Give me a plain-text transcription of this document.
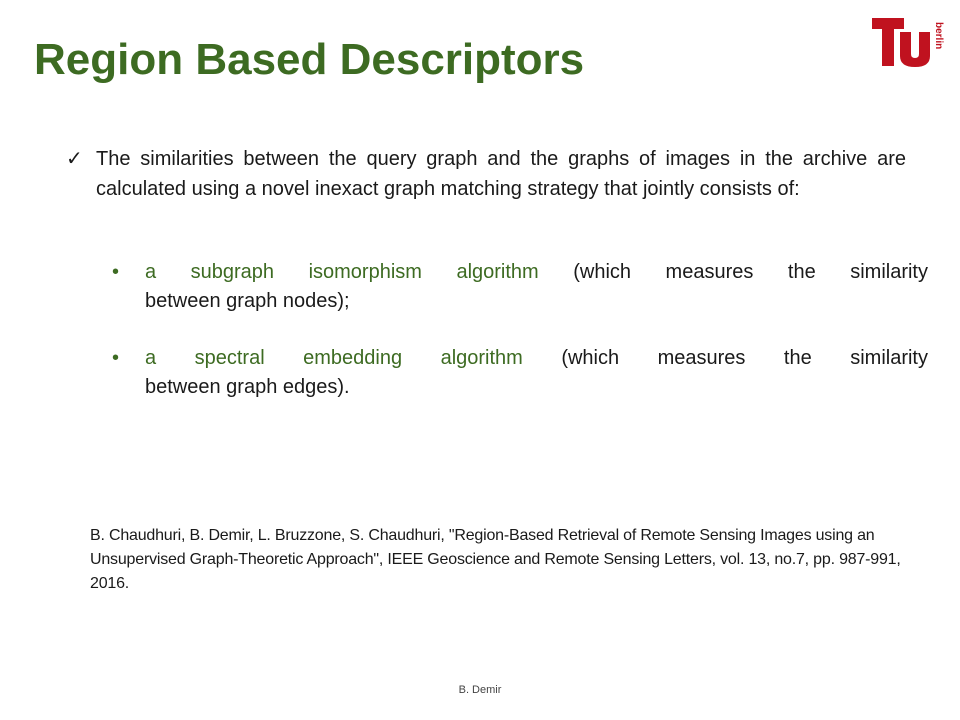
Region Based Descriptors	berlin
✓ The similarities between the query graph and the graphs of images in the archive are calculated using a novel inexact graph matching strategy that jointly consists of:
• a subgraph isomorphism algorithm (which measures the similarity
between graph nodes);
• a spectral embedding algorithm (which measures the similarity
between graph edges).
B. Chaudhuri, B. Demir, L. Bruzzone, S. Chaudhuri, "Region-Based Retrieval of Remote Sensing Images using an Unsupervised Graph-Theoretic Approach", IEEE Geoscience and Remote Sensing Letters, vol. 13, no.7, pp. 987-991, 2016.
B. Demir
